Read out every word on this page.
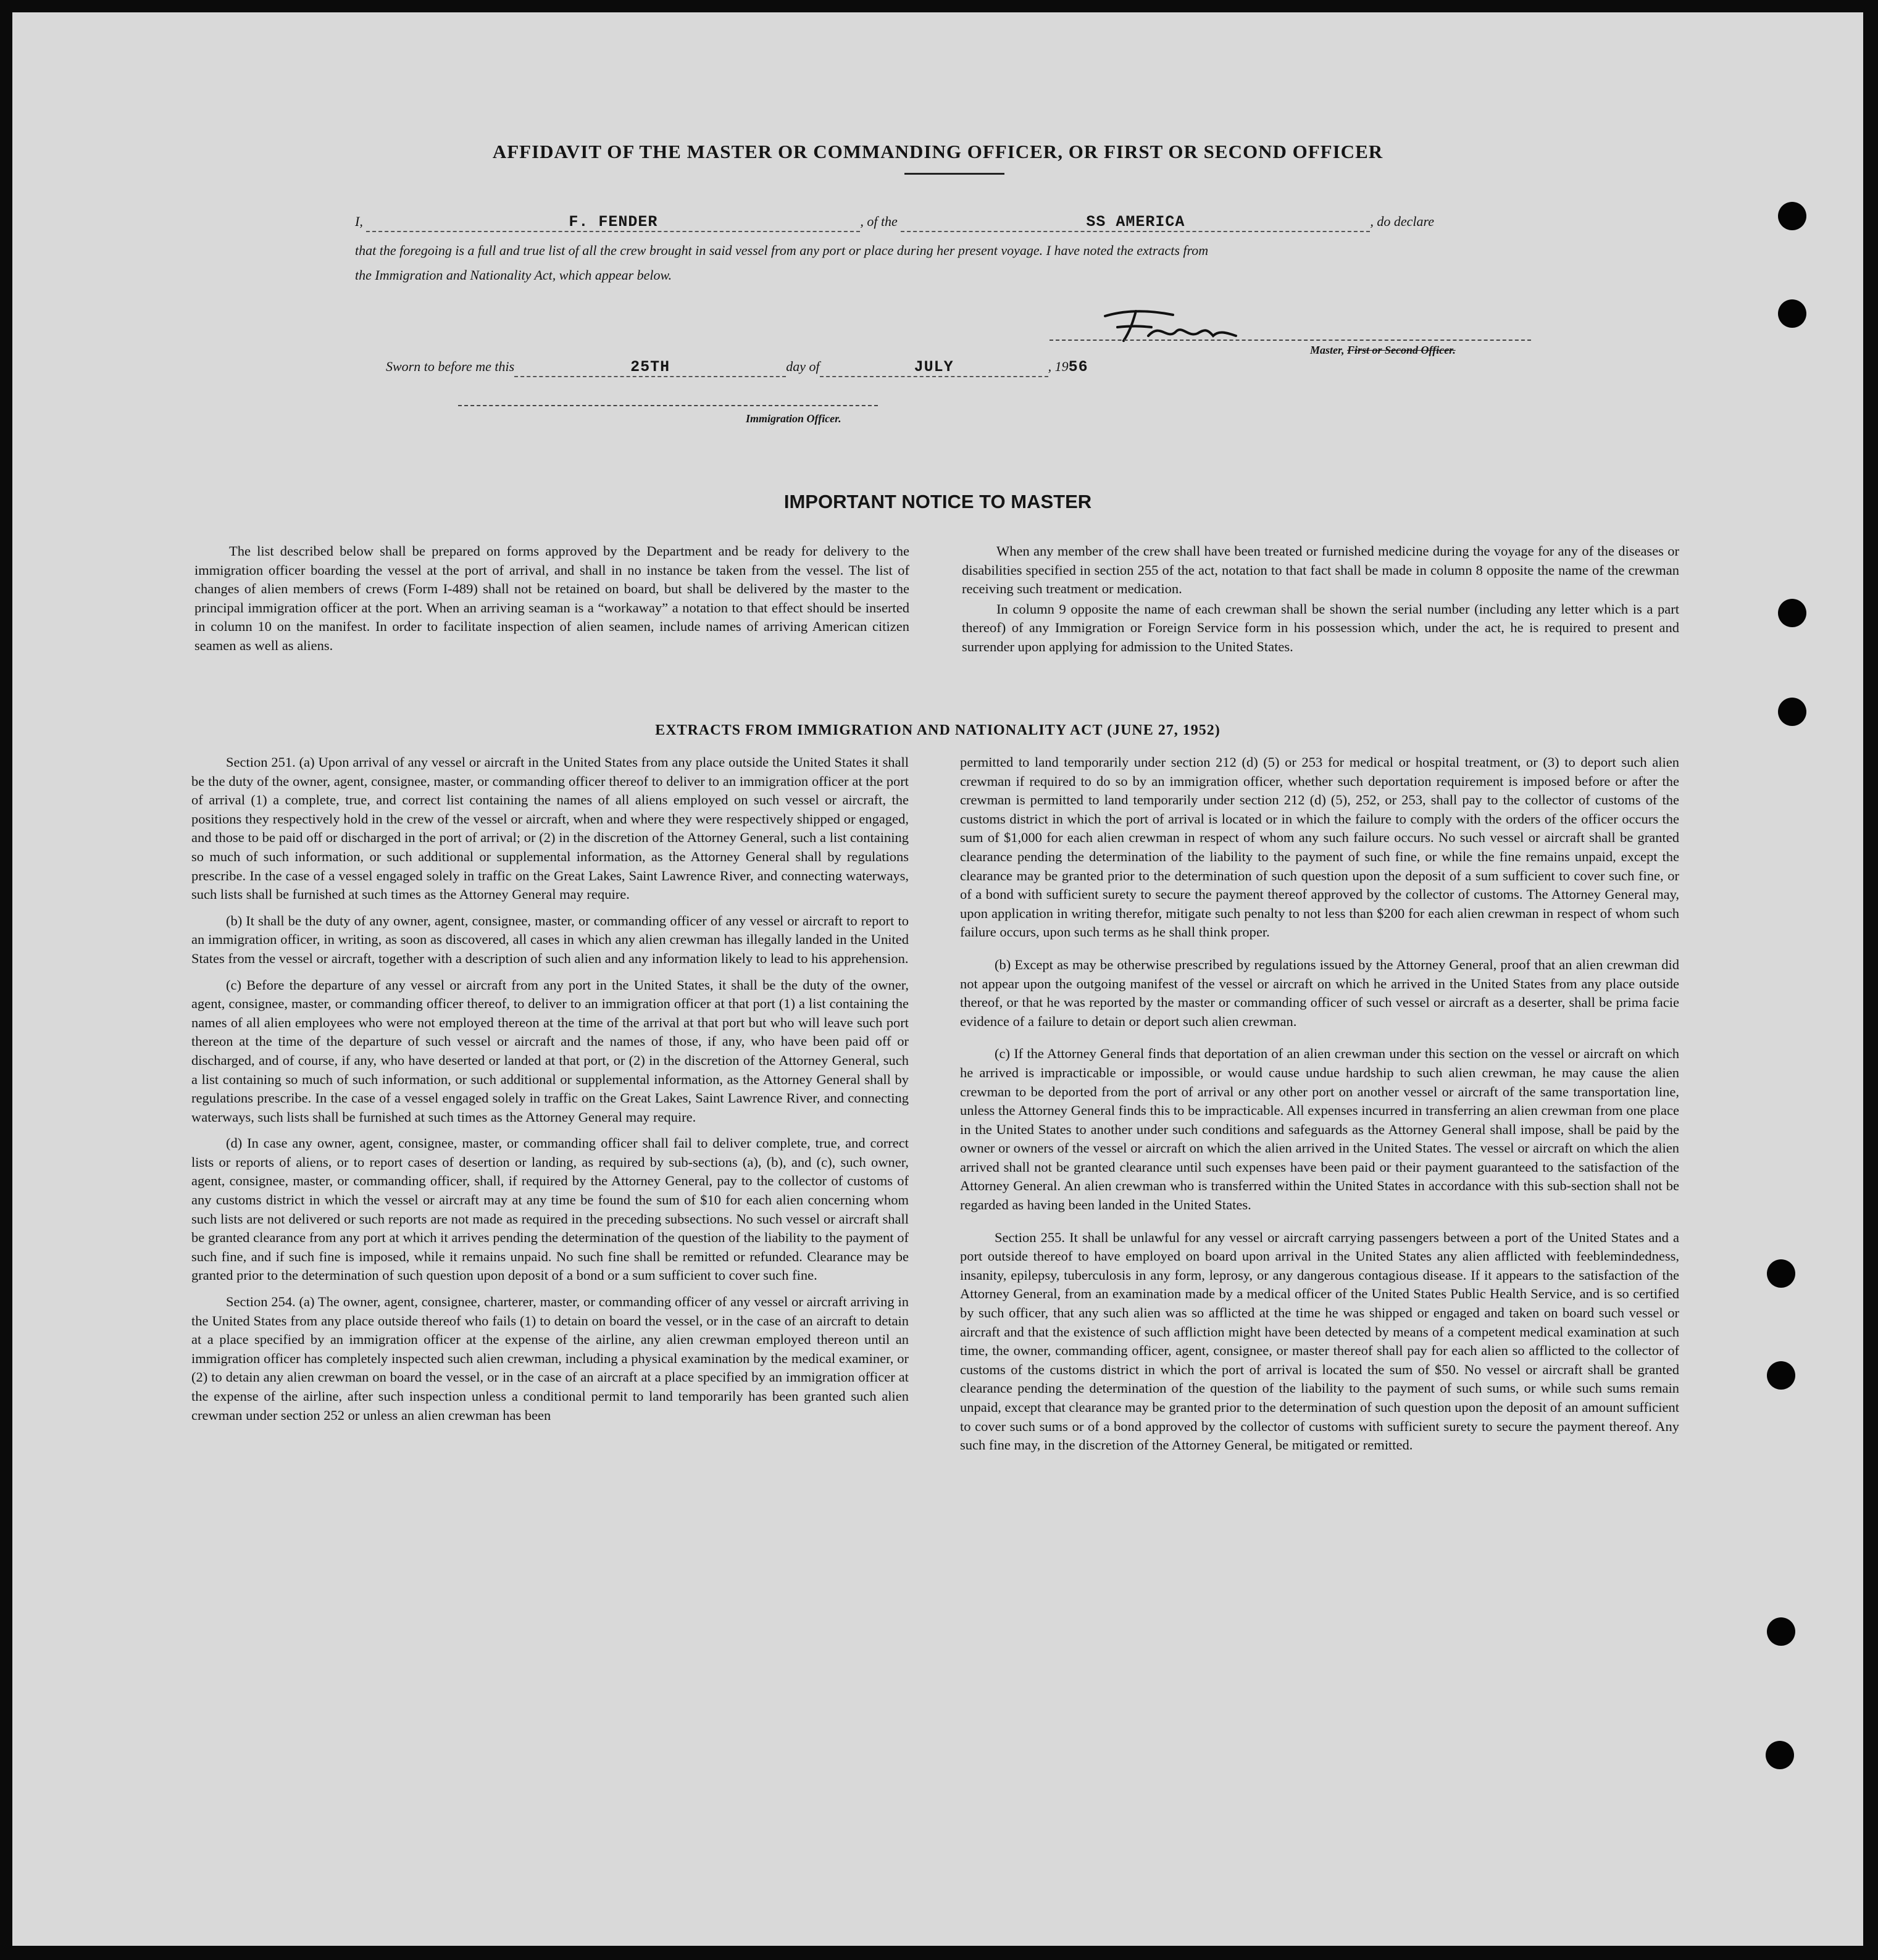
AFFIDAVIT OF THE MASTER OR COMMANDING OFFICER, OR FIRST OR SECOND OFFICER
I,	F. FENDER	, of the	SS AMERICA	, do declare
that the foregoing is a full and true list of all the crew brought in said vessel from any port or place during her present voyage. I have noted the extracts from
the Immigration and Nationality Act, which appear below.
Master, First or Second Officer.
Sworn to before me this	25TH	day of	JULY	, 1956
Immigration Officer.
IMPORTANT NOTICE TO MASTER

The list described below shall be prepared on forms approved by the Department and be ready for delivery to the immigration officer boarding the vessel at the port of arrival, and shall in no instance be taken from the vessel. The list of changes of alien members of crews (Form I-489) shall not be retained on board, but shall be delivered by the master to the principal immigration officer at the port. When an arriving seaman is a “workaway” a notation to that effect should be inserted in column 10 on the manifest. In order to facilitate inspection of alien seamen, include names of arriving American citizen seamen as well as aliens.

When any member of the crew shall have been treated or furnished medicine during the voyage for any of the diseases or disabilities specified in section 255 of the act, notation to that fact shall be made in column 8 opposite the name of the crewman receiving such treatment or medication.

In column 9 opposite the name of each crewman shall be shown the serial number (including any letter which is a part thereof) of any Immigration or Foreign Service form in his possession which, under the act, he is required to present and surrender upon applying for admission to the United States.

EXTRACTS FROM IMMIGRATION AND NATIONALITY ACT (JUNE 27, 1952)

Section 251. (a) Upon arrival of any vessel or aircraft in the United States from any place outside the United States it shall be the duty of the owner, agent, consignee, master, or commanding officer thereof to deliver to an immigration officer at the port of arrival (1) a complete, true, and correct list containing the names of all aliens employed on such vessel or aircraft, the positions they respectively hold in the crew of the vessel or aircraft, when and where they were respectively shipped or engaged, and those to be paid off or discharged in the port of arrival; or (2) in the discretion of the Attorney General, such a list containing so much of such information, or such additional or supplemental information, as the Attorney General shall by regulations prescribe. In the case of a vessel engaged solely in traffic on the Great Lakes, Saint Lawrence River, and connecting waterways, such lists shall be furnished at such times as the Attorney General may require.

(b) It shall be the duty of any owner, agent, consignee, master, or commanding officer of any vessel or aircraft to report to an immigration officer, in writing, as soon as discovered, all cases in which any alien crewman has illegally landed in the United States from the vessel or aircraft, together with a description of such alien and any information likely to lead to his apprehension.

(c) Before the departure of any vessel or aircraft from any port in the United States, it shall be the duty of the owner, agent, consignee, master, or commanding officer thereof, to deliver to an immigration officer at that port (1) a list containing the names of all alien employees who were not employed thereon at the time of the arrival at that port but who will leave such port thereon at the time of the departure of such vessel or aircraft and the names of those, if any, who have been paid off or discharged, and of course, if any, who have deserted or landed at that port, or (2) in the discretion of the Attorney General, such a list containing so much of such information, or such additional or supplemental information, as the Attorney General shall by regulations prescribe. In the case of a vessel engaged solely in traffic on the Great Lakes, Saint Lawrence River, and connecting waterways, such lists shall be furnished at such times as the Attorney General may require.

(d) In case any owner, agent, consignee, master, or commanding officer shall fail to deliver complete, true, and correct lists or reports of aliens, or to report cases of desertion or landing, as required by sub-sections (a), (b), and (c), such owner, agent, consignee, master, or commanding officer, shall, if required by the Attorney General, pay to the collector of customs of any customs district in which the vessel or aircraft may at any time be found the sum of $10 for each alien concerning whom such lists are not delivered or such reports are not made as required in the preceding subsections. No such vessel or aircraft shall be granted clearance from any port at which it arrives pending the determination of the question of the liability to the payment of such fine, and if such fine is imposed, while it remains unpaid. No such fine shall be remitted or refunded. Clearance may be granted prior to the determination of such question upon deposit of a bond or a sum sufficient to cover such fine.

Section 254. (a) The owner, agent, consignee, charterer, master, or commanding officer of any vessel or aircraft arriving in the United States from any place outside thereof who fails (1) to detain on board the vessel, or in the case of an aircraft to detain at a place specified by an immigration officer at the expense of the airline, any alien crewman employed thereon until an immigration officer has completely inspected such alien crewman, including a physical examination by the medical examiner, or (2) to detain any alien crewman on board the vessel, or in the case of an aircraft at a place specified by an immigration officer at the expense of the airline, after such inspection unless a conditional permit to land temporarily has been granted such alien crewman under section 252 or unless an alien crewman has been

permitted to land temporarily under section 212 (d) (5) or 253 for medical or hospital treatment, or (3) to deport such alien crewman if required to do so by an immigration officer, whether such deportation requirement is imposed before or after the crewman is permitted to land temporarily under section 212 (d) (5), 252, or 253, shall pay to the collector of customs of the customs district in which the port of arrival is located or in which the failure to comply with the orders of the officer occurs the sum of $1,000 for each alien crewman in respect of whom any such failure occurs. No such vessel or aircraft shall be granted clearance pending the determination of the liability to the payment of such fine, or while the fine remains unpaid, except the clearance may be granted prior to the determination of such question upon the deposit of a sum sufficient to cover such fine, or of a bond with sufficient surety to secure the payment thereof approved by the collector of customs. The Attorney General may, upon application in writing therefor, mitigate such penalty to not less than $200 for each alien crewman in respect of whom such failure occurs, upon such terms as he shall think proper.

(b) Except as may be otherwise prescribed by regulations issued by the Attorney General, proof that an alien crewman did not appear upon the outgoing manifest of the vessel or aircraft on which he arrived in the United States from any place outside thereof, or that he was reported by the master or commanding officer of such vessel or aircraft as a deserter, shall be prima facie evidence of a failure to detain or deport such alien crewman.

(c) If the Attorney General finds that deportation of an alien crewman under this section on the vessel or aircraft on which he arrived is impracticable or impossible, or would cause undue hardship to such alien crewman, he may cause the alien crewman to be deported from the port of arrival or any other port on another vessel or aircraft of the same transportation line, unless the Attorney General finds this to be impracticable. All expenses incurred in transferring an alien crewman from one place in the United States to another under such conditions and safeguards as the Attorney General shall impose, shall be paid by the owner or owners of the vessel or aircraft on which the alien arrived in the United States. The vessel or aircraft on which the alien arrived shall not be granted clearance until such expenses have been paid or their payment guaranteed to the satisfaction of the Attorney General. An alien crewman who is transferred within the United States in accordance with this sub-section shall not be regarded as having been landed in the United States.

Section 255. It shall be unlawful for any vessel or aircraft carrying passengers between a port of the United States and a port outside thereof to have employed on board upon arrival in the United States any alien afflicted with feeblemindedness, insanity, epilepsy, tuberculosis in any form, leprosy, or any dangerous contagious disease. If it appears to the satisfaction of the Attorney General, from an examination made by a medical officer of the United States Public Health Service, and is so certified by such officer, that any such alien was so afflicted at the time he was shipped or engaged and taken on board such vessel or aircraft and that the existence of such affliction might have been detected by means of a competent medical examination at such time, the owner, commanding officer, agent, consignee, or master thereof shall pay for each alien so afflicted to the collector of customs of the customs district in which the port of arrival is located the sum of $50. No vessel or aircraft shall be granted clearance pending the determination of the question of the liability to the payment of such sums, or while such sums remain unpaid, except that clearance may be granted prior to the determination of such question upon the deposit of an amount sufficient to cover such sums or of a bond approved by the collector of customs with sufficient surety to secure the payment thereof. Any such fine may, in the discretion of the Attorney General, be mitigated or remitted.
